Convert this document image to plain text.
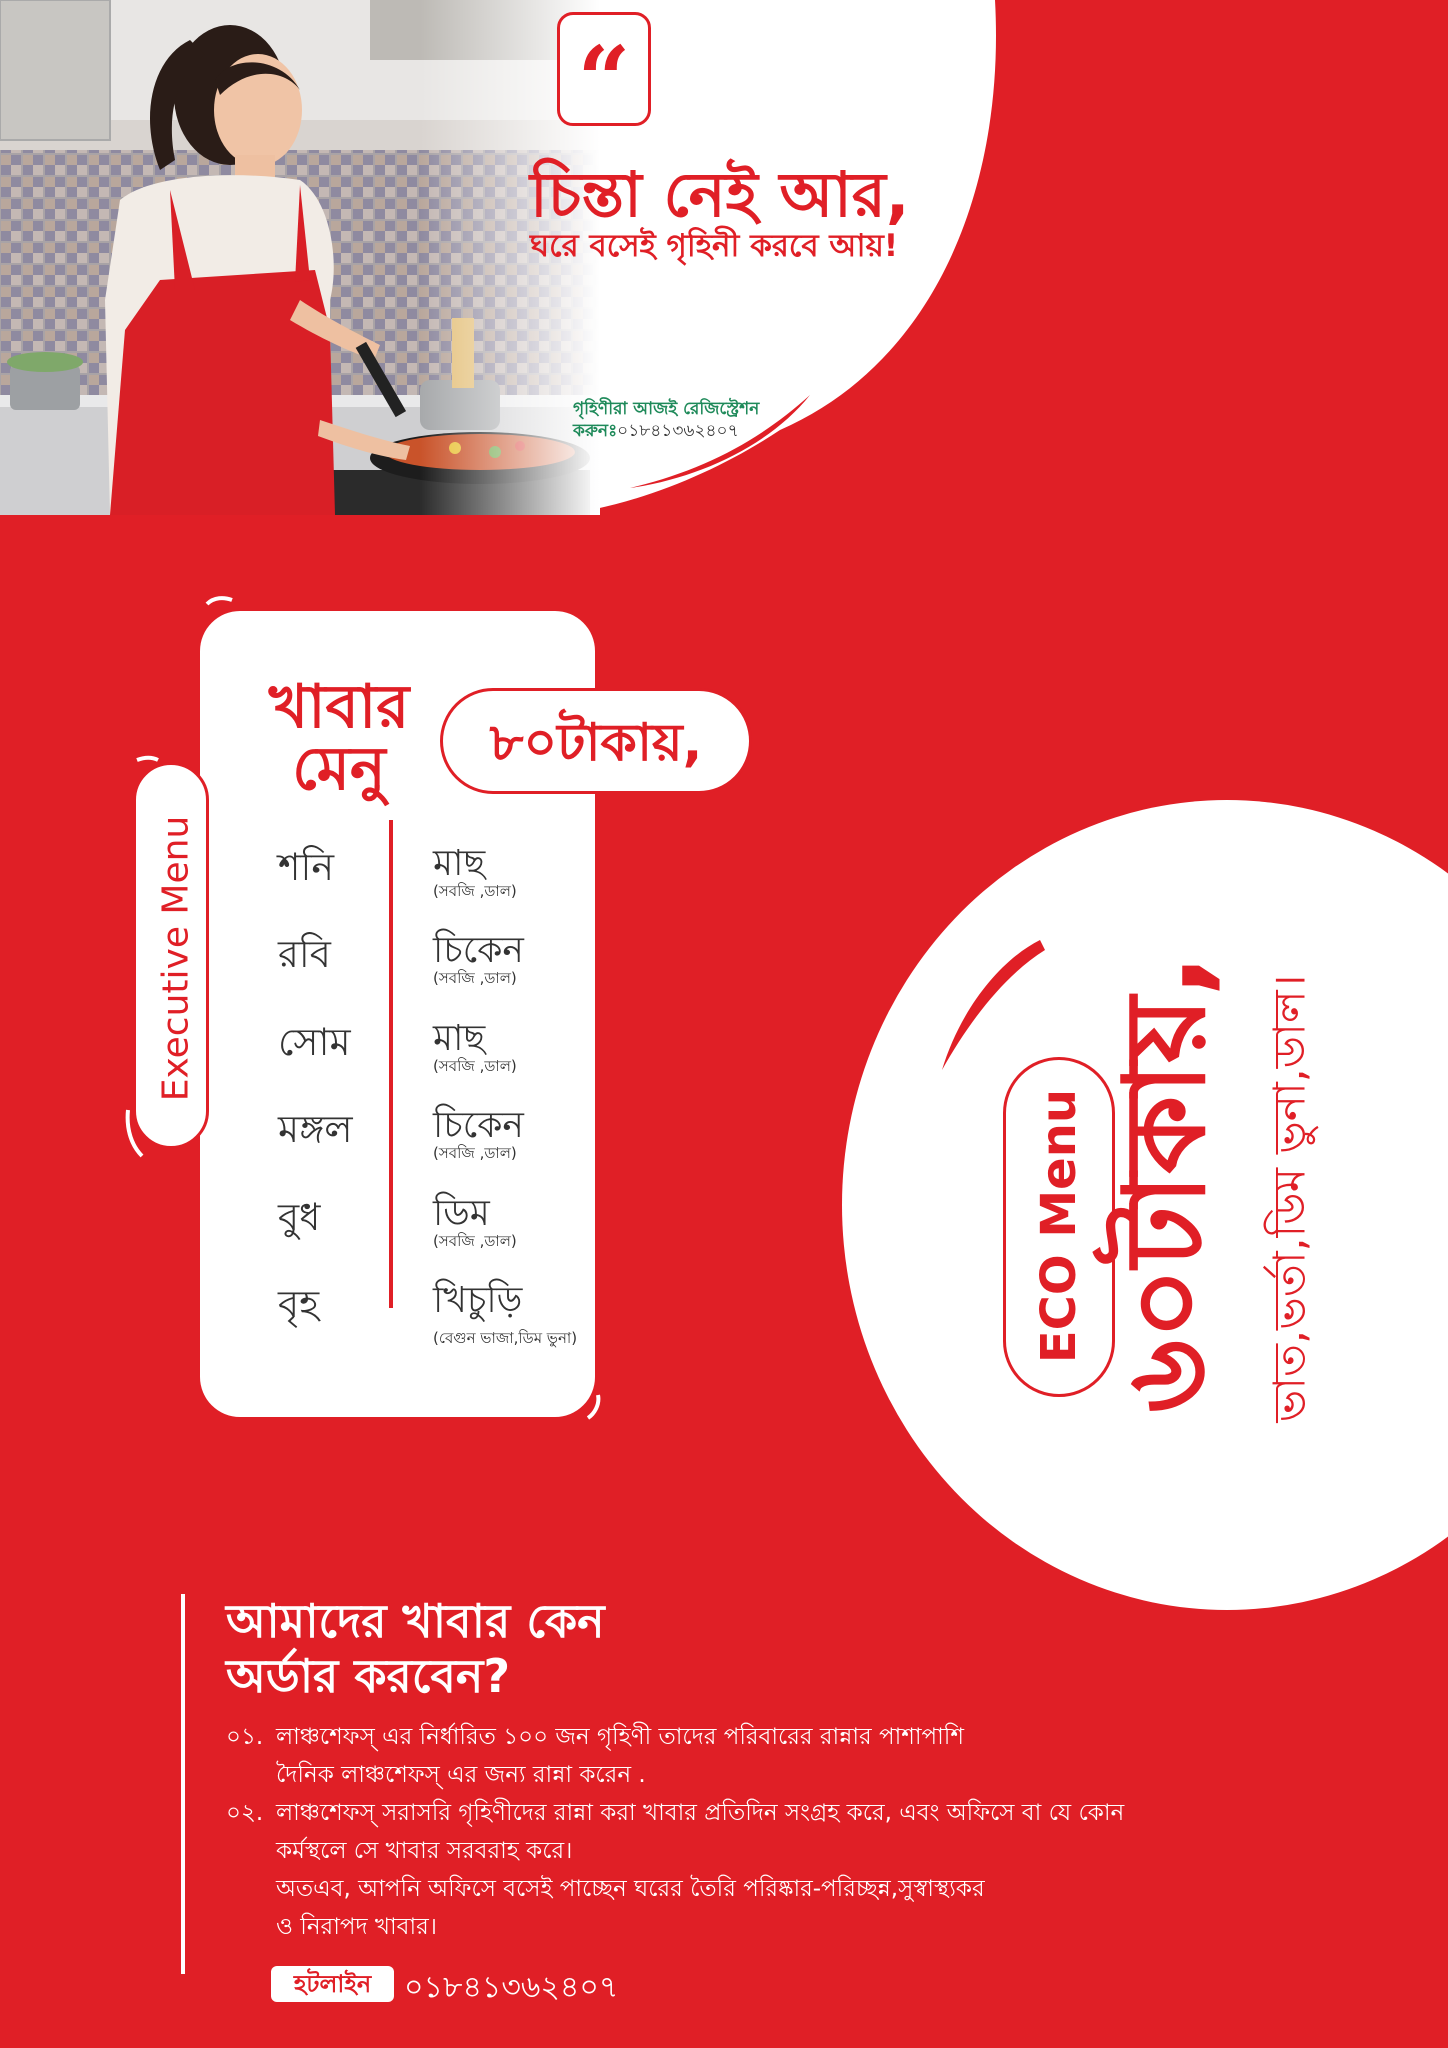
“
চিন্তা নেই আর,
ঘরে বসেই গৃহিনী করবে আয়!
গৃহিণীরা আজই রেজিস্ট্রেশন
করুনঃ০১৮৪১৩৬২৪০৭
Executive Menu
খাবার
মেনু	৮০টাকায়,
শনি	মাছ
(সবজি ,ডাল)
রবি	চিকেন
(সবজি ,ডাল)
সোম	মাছ
(সবজি ,ডাল)
মঙ্গল	চিকেন
(সবজি ,ডাল)
বুধ	ডিম
(সবজি ,ডাল)
বৃহ	খিচুড়ি
(বেগুন ভাজা,ডিম ভুনা)	ECO Menu ৬০টাকায়, ভাত,ভর্তা,ডিম ভুনা,ডাল।
আমাদের খাবার কেন
অর্ডার করবেন?
০১. লাঞ্চশেফস্ এর নির্ধারিত ১০০ জন গৃহিণী তাদের পরিবারের রান্নার পাশাপাশি
দৈনিক লাঞ্চশেফস্ এর জন্য রান্না করেন .
০২. লাঞ্চশেফস্ সরাসরি গৃহিণীদের রান্না করা খাবার প্রতিদিন সংগ্রহ করে, এবং অফিসে বা যে কোন
কর্মস্থলে সে খাবার সরবরাহ করে।
অতএব, আপনি অফিসে বসেই পাচ্ছেন ঘরের তৈরি পরিষ্কার-পরিচ্ছন্ন,সুস্বাস্থ্যকর
ও নিরাপদ খাবার।
হটলাইন	০১৮৪১৩৬২৪০৭
